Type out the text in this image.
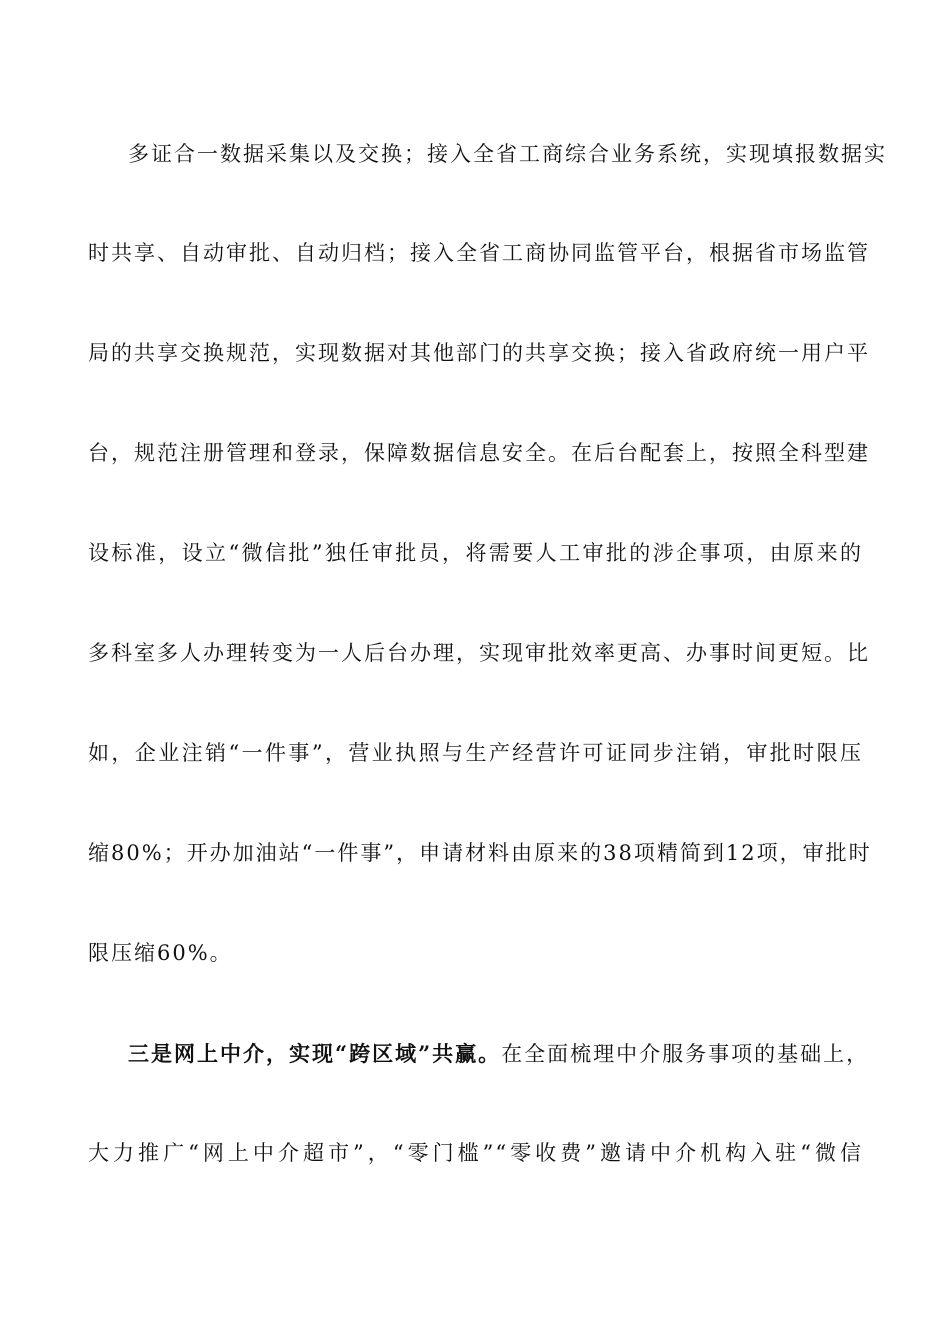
多证合一数据采集以及交换；接入全省工商综合业务系统，实现填报数据实
时共享、自动审批、自动归档；接入全省工商协同监管平台，根据省市场监管
局的共享交换规范，实现数据对其他部门的共享交换；接入省政府统一用户平
台，规范注册管理和登录，保障数据信息安全。在后台配套上，按照全科型建
设标准，设立“微信批”独任审批员，将需要人工审批的涉企事项，由原来的
多科室多人办理转变为一人后台办理，实现审批效率更高、办事时间更短。比
如，企业注销“一件事”，营业执照与生产经营许可证同步注销，审批时限压
缩80%；开办加油站“一件事”，申请材料由原来的38项精简到12项，审批时
限压缩60%。
三是网上中介，实现“跨区域”共赢。在全面梳理中介服务事项的基础上，
大力推广“网上中介超市”，“零门槛”“零收费”邀请中介机构入驻“微信
